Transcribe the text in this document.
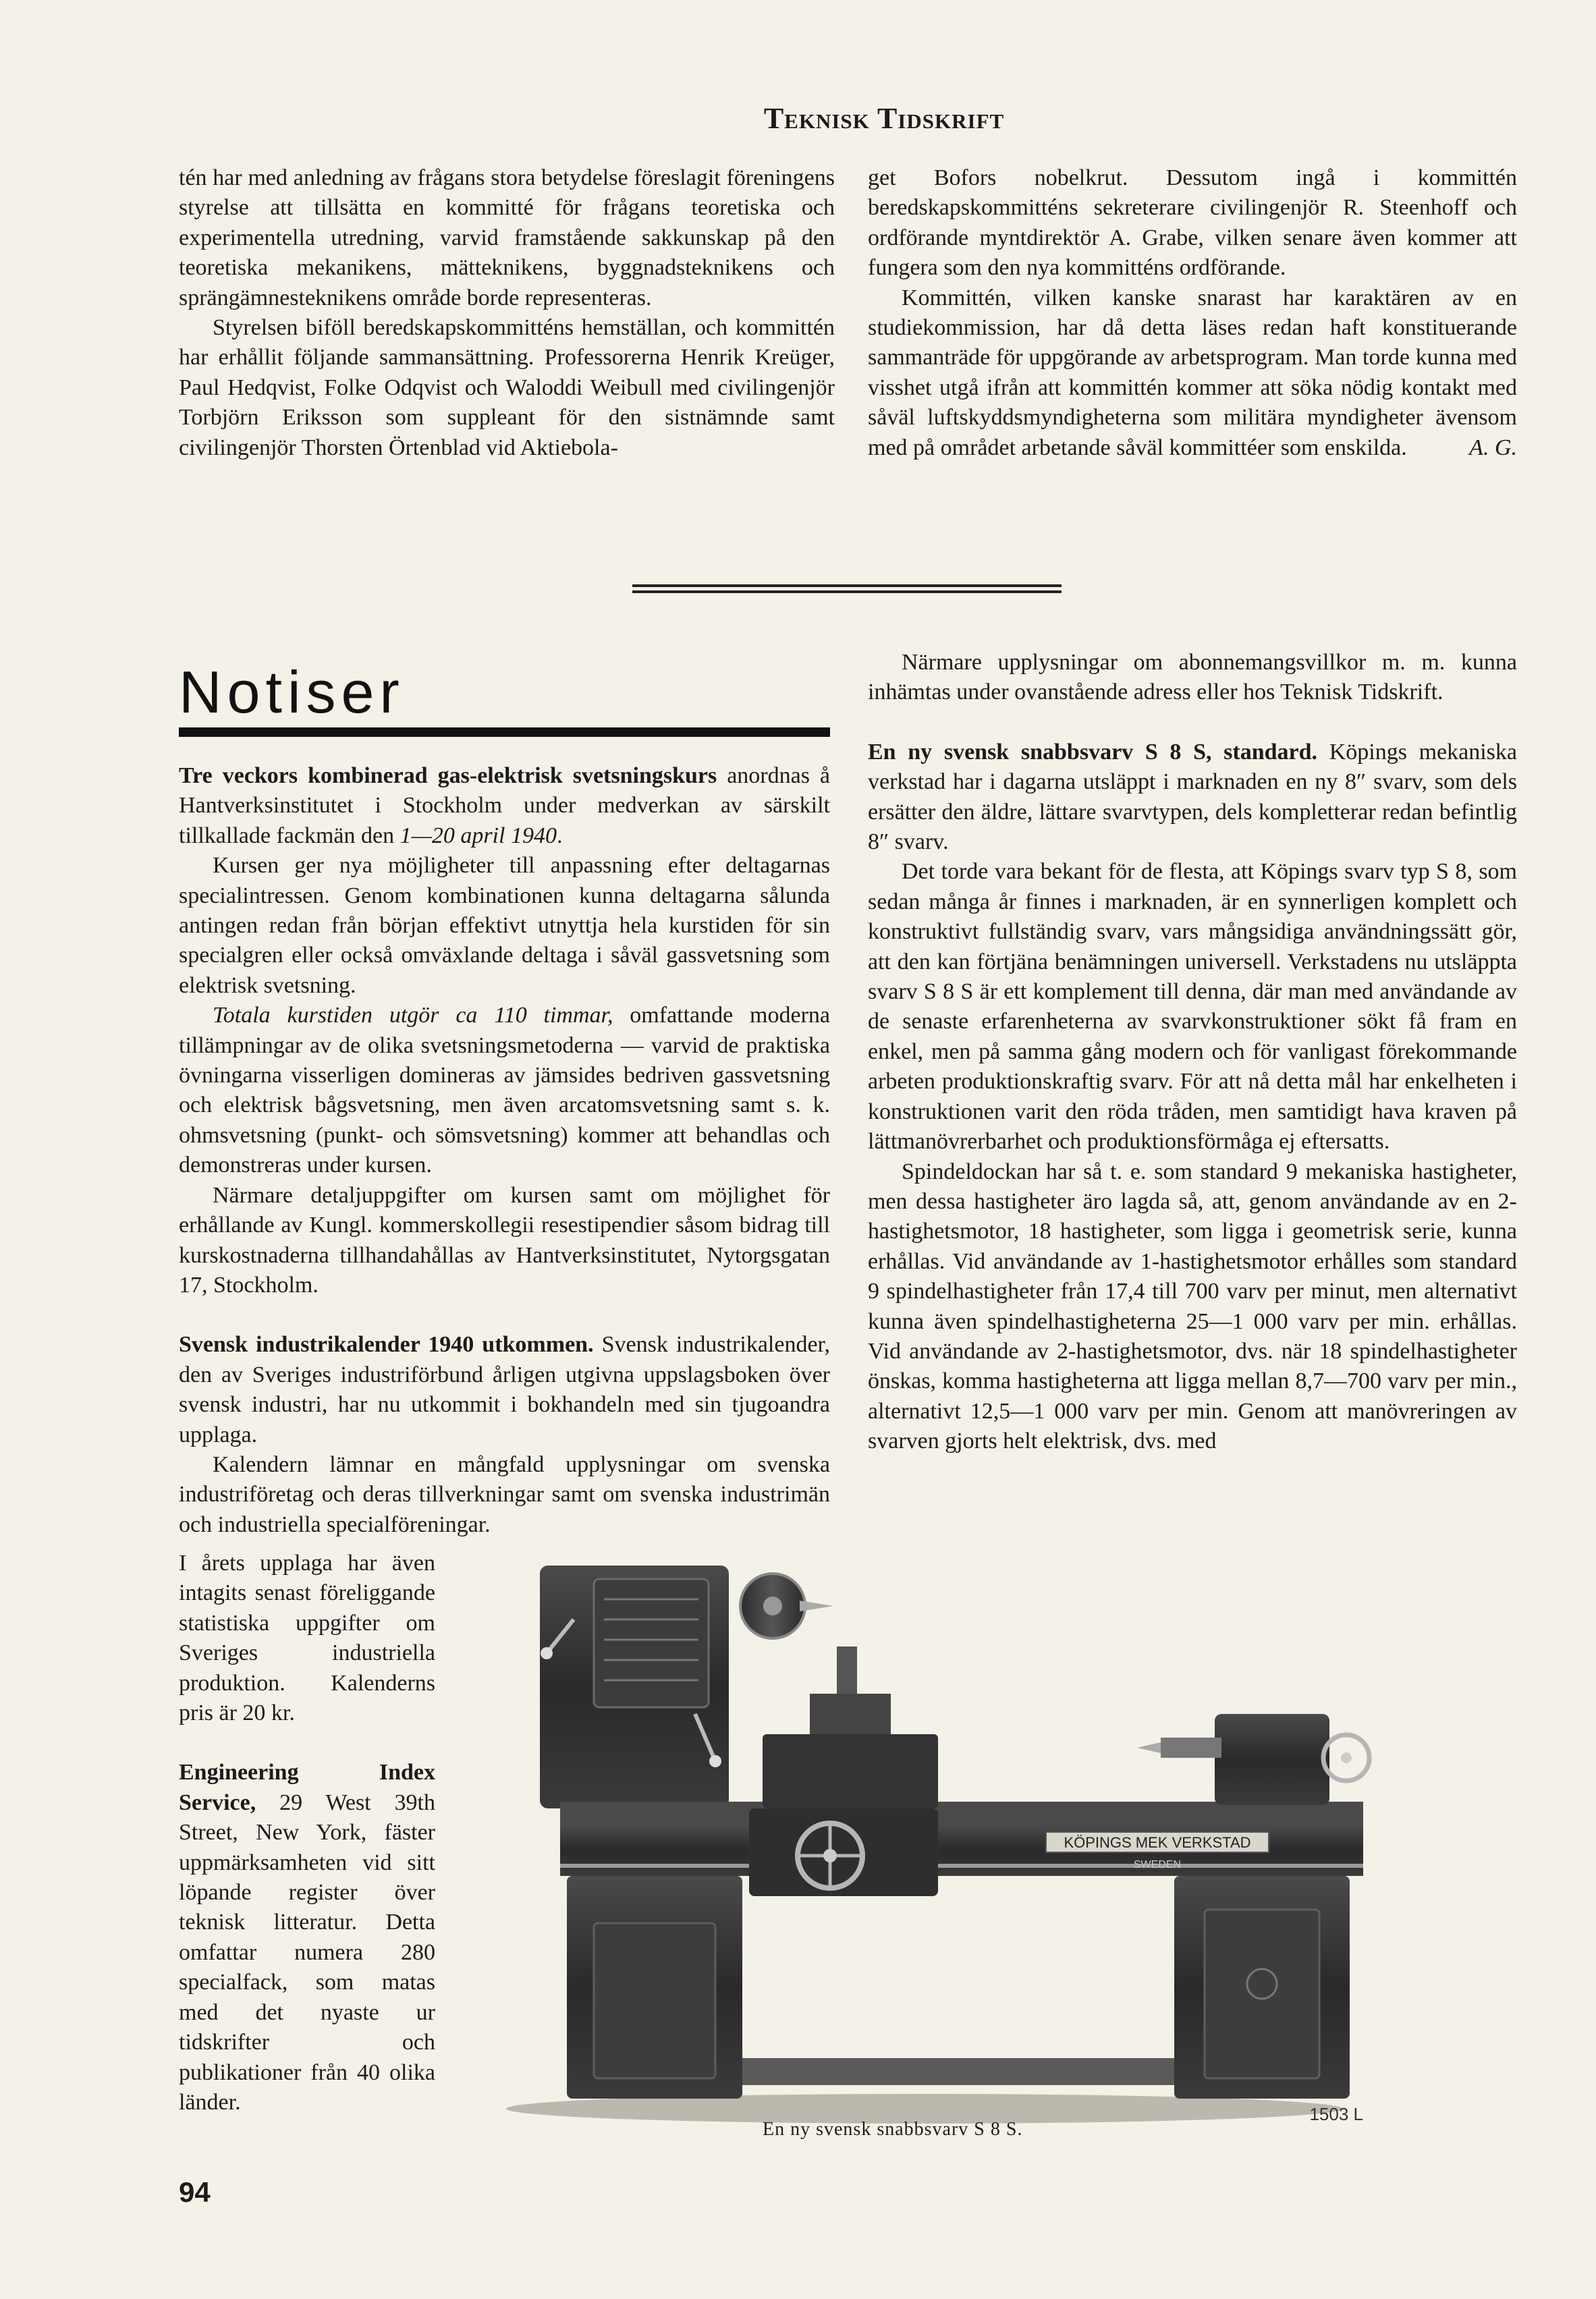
Teknisk Tidskrift

tén har med anledning av frågans stora betydelse föreslagit föreningens styrelse att tillsätta en kommitté för frågans teoretiska och experimentella utredning, varvid framstående sakkunskap på den teoretiska mekanikens, mätteknikens, byggnadsteknikens och sprängämnesteknikens område borde representeras.

Styrelsen biföll beredskapskommitténs hemställan, och kommittén har erhållit följande sammansättning. Professorerna Henrik Kreüger, Paul Hedqvist, Folke Odqvist och Waloddi Weibull med civilingenjör Torbjörn Eriksson som suppleant för den sistnämnde samt civilingenjör Thorsten Örtenblad vid Aktiebola-

get Bofors nobelkrut. Dessutom ingå i kommittén beredskapskommitténs sekreterare civilingenjör R. Steenhoff och ordförande myntdirektör A. Grabe, vilken senare även kommer att fungera som den nya kommitténs ordförande.

Kommittén, vilken kanske snarast har karaktären av en studiekommission, har då detta läses redan haft konstituerande sammanträde för uppgörande av arbetsprogram. Man torde kunna med visshet utgå ifrån att kommittén kommer att söka nödig kontakt med såväl luftskyddsmyndigheterna som militära myndigheter ävensom med på området arbetande såväl kommittéer som enskilda.	A. G.

Notiser

Tre veckors kombinerad gas-elektrisk svetsningskurs anordnas å Hantverksinstitutet i Stockholm under medverkan av särskilt tillkallade fackmän den 1—20 april 1940.

Kursen ger nya möjligheter till anpassning efter deltagarnas specialintressen. Genom kombinationen kunna deltagarna sålunda antingen redan från början effektivt utnyttja hela kurstiden för sin specialgren eller också omväxlande deltaga i såväl gassvetsning som elektrisk svetsning.

Totala kurstiden utgör ca 110 timmar, omfattande moderna tillämpningar av de olika svetsningsmetoderna — varvid de praktiska övningarna visserligen domineras av jämsides bedriven gassvetsning och elektrisk bågsvetsning, men även arcatomsvetsning samt s. k. ohmsvetsning (punkt- och sömsvetsning) kommer att behandlas och demonstreras under kursen.

Närmare detaljuppgifter om kursen samt om möjlighet för erhållande av Kungl. kommerskollegii resestipendier såsom bidrag till kurskostnaderna tillhandahållas av Hantverksinstitutet, Nytorgsgatan 17, Stockholm.

Svensk industrikalender 1940 utkommen. Svensk industrikalender, den av Sveriges industriförbund årligen utgivna uppslagsboken över svensk industri, har nu utkommit i bokhandeln med sin tjugoandra upplaga.

Kalendern lämnar en mångfald upplysningar om svenska industriföretag och deras tillverkningar samt om svenska industrimän och industriella specialföreningar.

I årets upplaga har även intagits senast föreliggande statistiska uppgifter om Sveriges industriella produktion. Kalenderns pris är 20 kr.

Engineering Index Service, 29 West 39th Street, New York, fäster uppmärksamheten vid sitt löpande register över teknisk litteratur. Detta omfattar numera 280 specialfack, som matas med det nyaste ur tidskrifter och publikationer från 40 olika länder.

Närmare upplysningar om abonnemangsvillkor m. m. kunna inhämtas under ovanstående adress eller hos Teknisk Tidskrift.

En ny svensk snabbsvarv S 8 S, standard. Köpings mekaniska verkstad har i dagarna utsläppt i marknaden en ny 8″ svarv, som dels ersätter den äldre, lättare svarvtypen, dels kompletterar redan befintlig 8″ svarv.

Det torde vara bekant för de flesta, att Köpings svarv typ S 8, som sedan många år finnes i marknaden, är en synnerligen komplett och konstruktivt fullständig svarv, vars mångsidiga användningssätt gör, att den kan förtjäna benämningen universell. Verkstadens nu utsläppta svarv S 8 S är ett komplement till denna, där man med användande av de senaste erfarenheterna av svarvkonstruktioner sökt få fram en enkel, men på samma gång modern och för vanligast förekommande arbeten produktionskraftig svarv. För att nå detta mål har enkelheten i konstruktionen varit den röda tråden, men samtidigt hava kraven på lättmanövrerbarhet och produktionsförmåga ej eftersatts.

Spindeldockan har så t. e. som standard 9 mekaniska hastigheter, men dessa hastigheter äro lagda så, att, genom användande av en 2-hastighetsmotor, 18 hastigheter, som ligga i geometrisk serie, kunna erhållas. Vid användande av 1-hastighetsmotor erhålles som standard 9 spindelhastigheter från 17,4 till 700 varv per minut, men alternativt kunna även spindelhastigheterna 25—1 000 varv per min. erhållas. Vid användande av 2-hastighetsmotor, dvs. när 18 spindelhastigheter önskas, komma hastigheterna att ligga mellan 8,7—700 varv per min., alternativt 12,5—1 000 varv per min. Genom att manövreringen av svarven gjorts helt elektrisk, dvs. med

KÖPINGS MEK VERKSTAD
SWEDEN
1503 L
En ny svensk snabbsvarv S 8 S.
94
